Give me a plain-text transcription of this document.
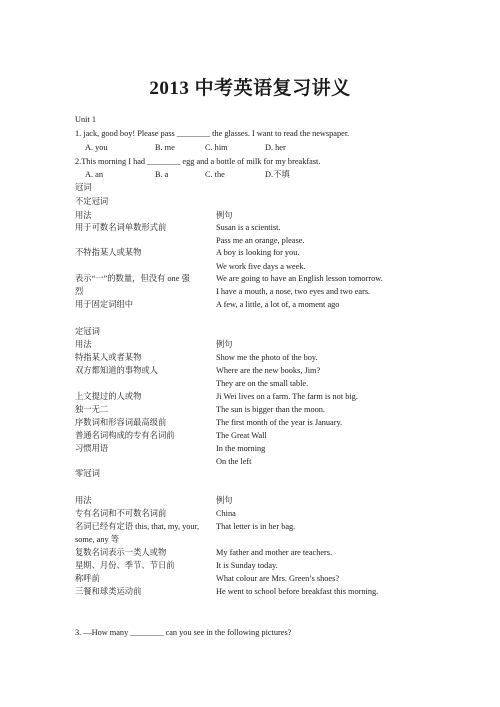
2013 中考英语复习讲义
Unit 1
1. jack, good boy! Please pass ________ the glasses. I want to read the newspaper.
A. you	B. me	C. him	D. her
2.This morning I had ________ egg and a bottle of milk for my breakfast.
A. an	B. a	C. the	D.不填
冠词
不定冠词
用法	例句
用于可数名词单数形式前	Susan is a scientist.
Pass me an orange, please.
不特指某人或某物	A boy is looking for you.
We work five days a week.
表示“一”的数量，但没有 one 强	We are going to have an English lesson tomorrow.
烈	I have a mouth, a nose, two eyes and two ears.
用于固定词组中	A few, a little, a lot of, a moment ago
定冠词
用法	例句
特指某人或者某物	Show me the photo of the boy.
双方都知道的事物或人	Where are the new books, Jim?
They are on the small table.
上文提过的人或物	Ji Wei lives on a farm. The farm is not big.
独一无二	The sun is bigger than the moon.
序数词和形容词最高级前	The first month of the year is January.
普通名词构成的专有名词前	The Great Wall
习惯用语	In the morning
On the left
零冠词
用法	例句
专有名词和不可数名词前	China
名词已经有定语 this, that, my, your, That letter is in her bag.
some, any 等
复数名词表示一类人或物	My father and mother are teachers.
星期、月份、季节、节日前	It is Sunday today.
称呼前	What colour are Mrs. Green’s shoes?
三餐和球类运动前	He went to school before breakfast this morning.
3. —How many ________ can you see in the following pictures?
